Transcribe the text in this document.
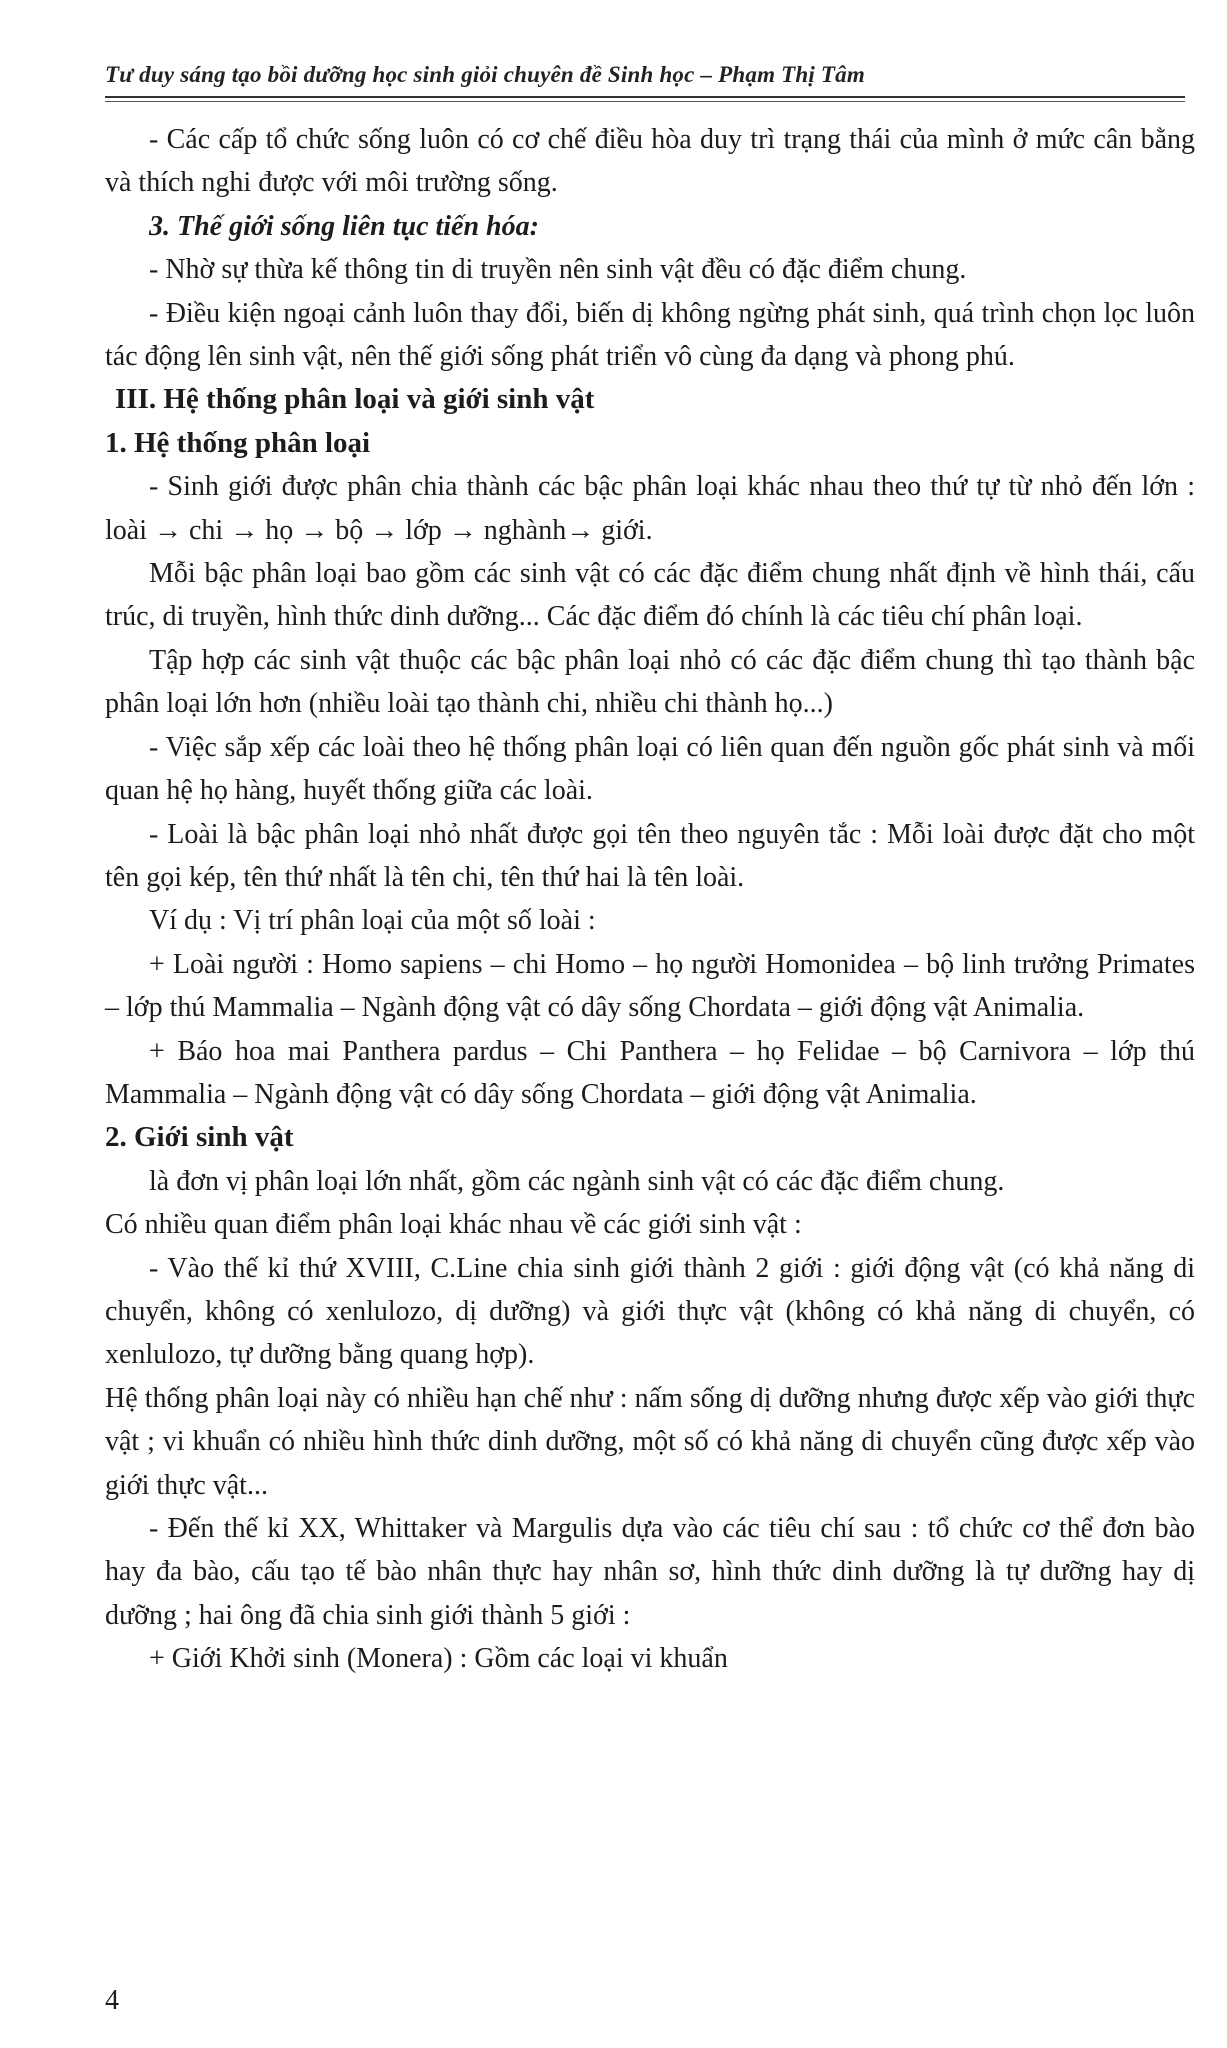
Tư duy sáng tạo bồi dưỡng học sinh giỏi chuyên đề Sinh học – Phạm Thị Tâm

- Các cấp tổ chức sống luôn có cơ chế điều hòa duy trì trạng thái của mình ở mức cân bằng và thích nghi được với môi trường sống.

3. Thế giới sống liên tục tiến hóa:

- Nhờ sự thừa kế thông tin di truyền nên sinh vật đều có đặc điểm chung.

- Điều kiện ngoại cảnh luôn thay đổi, biến dị không ngừng phát sinh, quá trình chọn lọc luôn tác động lên sinh vật, nên thế giới sống phát triển vô cùng đa dạng và phong phú.

III. Hệ thống phân loại và giới sinh vật

1. Hệ thống phân loại

- Sinh giới được phân chia thành các bậc phân loại khác nhau theo thứ tự từ nhỏ đến lớn : loài → chi → họ → bộ → lớp → nghành→ giới.

Mỗi bậc phân loại bao gồm các sinh vật có các đặc điểm chung nhất định về hình thái, cấu trúc, di truyền, hình thức dinh dưỡng... Các đặc điểm đó chính là các tiêu chí phân loại.

Tập hợp các sinh vật thuộc các bậc phân loại nhỏ có các đặc điểm chung thì tạo thành bậc phân loại lớn hơn (nhiều loài tạo thành chi, nhiều chi thành họ...)

- Việc sắp xếp các loài theo hệ thống phân loại có liên quan đến nguồn gốc phát sinh và mối quan hệ họ hàng, huyết thống giữa các loài.

- Loài là bậc phân loại nhỏ nhất được gọi tên theo nguyên tắc : Mỗi loài được đặt cho một tên gọi kép, tên thứ nhất là tên chi, tên thứ hai là tên loài.

Ví dụ : Vị trí phân loại của một số loài :

+ Loài người : Homo sapiens – chi Homo – họ người Homonidea – bộ linh trưởng Primates – lớp thú Mammalia – Ngành động vật có dây sống Chordata – giới động vật Animalia.

+ Báo hoa mai Panthera pardus – Chi Panthera – họ Felidae – bộ Carnivora – lớp thú Mammalia – Ngành động vật có dây sống Chordata – giới động vật Animalia.

2. Giới sinh vật

là đơn vị phân loại lớn nhất, gồm các ngành sinh vật có các đặc điểm chung.

Có nhiều quan điểm phân loại khác nhau về các giới sinh vật :

- Vào thế kỉ thứ XVIII, C.Line chia sinh giới thành 2 giới : giới động vật (có khả năng di chuyển, không có xenlulozo, dị dưỡng) và giới thực vật (không có khả năng di chuyển, có xenlulozo, tự dưỡng bằng quang hợp).

Hệ thống phân loại này có nhiều hạn chế như : nấm sống dị dưỡng nhưng được xếp vào giới thực vật ; vi khuẩn có nhiều hình thức dinh dưỡng, một số có khả năng di chuyển cũng được xếp vào giới thực vật...

- Đến thế kỉ XX, Whittaker và Margulis dựa vào các tiêu chí sau : tổ chức cơ thể đơn bào hay đa bào, cấu tạo tế bào nhân thực hay nhân sơ, hình thức dinh dưỡng là tự dưỡng hay dị dưỡng ; hai ông đã chia sinh giới thành 5 giới :

+ Giới Khởi sinh (Monera) : Gồm các loại vi khuẩn

4
